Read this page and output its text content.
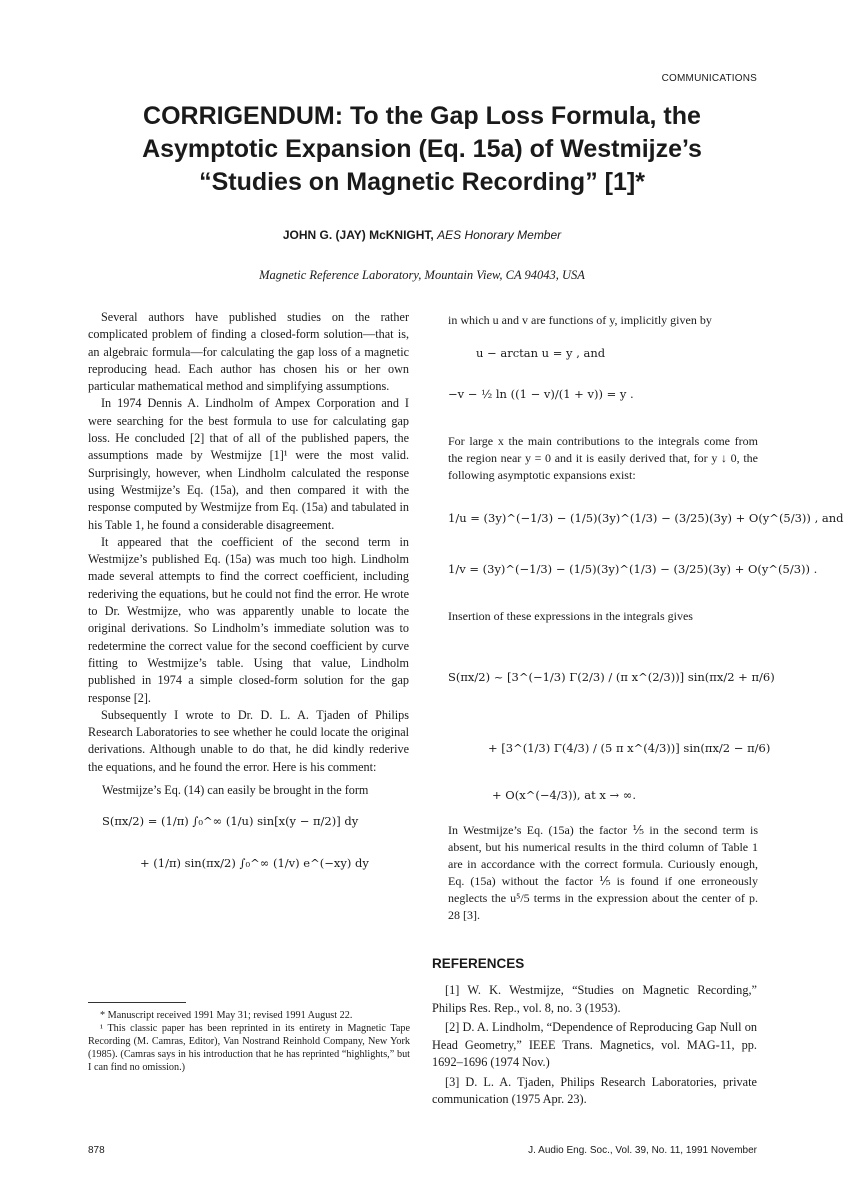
COMMUNICATIONS
CORRIGENDUM: To the Gap Loss Formula, the
Asymptotic Expansion (Eq. 15a) of Westmijze’s
“Studies on Magnetic Recording” [1]*
JOHN G. (JAY) McKNIGHT, AES Honorary Member
Magnetic Reference Laboratory, Mountain View, CA 94043, USA

Several authors have published studies on the rather complicated problem of finding a closed-form solution—that is, an algebraic formula—for calculating the gap loss of a magnetic reproducing head. Each author has chosen his or her own particular mathematical method and simplifying assumptions.

In 1974 Dennis A. Lindholm of Ampex Corporation and I were searching for the best formula to use for calculating gap loss. He concluded [2] that of all of the published papers, the assumptions made by Westmijze [1]¹ were the most valid. Surprisingly, however, when Lindholm calculated the response using Westmijze’s Eq. (15a), and then compared it with the response computed by Westmijze from Eq. (15a) and tabulated in his Table 1, he found a considerable disagreement.

It appeared that the coefficient of the second term in Westmijze’s published Eq. (15a) was much too high. Lindholm made several attempts to find the correct coefficient, including rederiving the equations, but he could not find the error. He wrote to Dr. Westmijze, who was apparently unable to locate the original derivations. So Lindholm’s immediate solution was to redetermine the correct value for the second coefficient by curve fitting to Westmijze’s table. Using that value, Lindholm published in 1974 a simple closed-form solution for the gap response [2].

Subsequently I wrote to Dr. D. L. A. Tjaden of Philips Research Laboratories to see whether he could locate the original derivations. Although unable to do that, he did kindly rederive the equations, and he found the error. Here is his comment:

Westmijze’s Eq. (14) can easily be brought in the form

S(πx/2) = (1/π) ∫₀^∞ (1/u) sin[x(y − π/2)] dy
+ (1/π) sin(πx/2) ∫₀^∞ (1/v) e^(−xy) dy

in which u and v are functions of y, implicitly given by

u − arctan u = y , and
−v − ½ ln ((1 − v)/(1 + v)) = y .

For large x the main contributions to the integrals come from the region near y = 0 and it is easily derived that, for y ↓ 0, the following asymptotic expansions exist:

1/u = (3y)^(−1/3) − (1/5)(3y)^(1/3) − (3/25)(3y) + O(y^(5/3)) , and
1/v = (3y)^(−1/3) − (1/5)(3y)^(1/3) − (3/25)(3y) + O(y^(5/3)) .

Insertion of these expressions in the integrals gives

S(πx/2) ~ [3^(−1/3) Γ(2/3) / (π x^(2/3))] sin(πx/2 + π/6)
+ [3^(1/3) Γ(4/3) / (5 π x^(4/3))] sin(πx/2 − π/6)
+ O(x^(−4/3)), at x → ∞.

In Westmijze’s Eq. (15a) the factor ⅕ in the second term is absent, but his numerical results in the third column of Table 1 are in accordance with the correct formula. Curiously enough, Eq. (15a) without the factor ⅕ is found if one erroneously neglects the u⁵/5 terms in the expression about the center of p. 28 [3].

REFERENCES

[1] W. K. Westmijze, “Studies on Magnetic Recording,” Philips Res. Rep., vol. 8, no. 3 (1953).

[2] D. A. Lindholm, “Dependence of Reproducing Gap Null on Head Geometry,” IEEE Trans. Magnetics, vol. MAG-11, pp. 1692–1696 (1974 Nov.)

[3] D. L. A. Tjaden, Philips Research Laboratories, private communication (1975 Apr. 23).

* Manuscript received 1991 May 31; revised 1991 August 22.

¹ This classic paper has been reprinted in its entirety in Magnetic Tape Recording (M. Camras, Editor), Van Nostrand Reinhold Company, New York (1985). (Camras says in his introduction that he has reprinted “highlights,” but I can find no omission.)

878	J. Audio Eng. Soc., Vol. 39, No. 11, 1991 November
